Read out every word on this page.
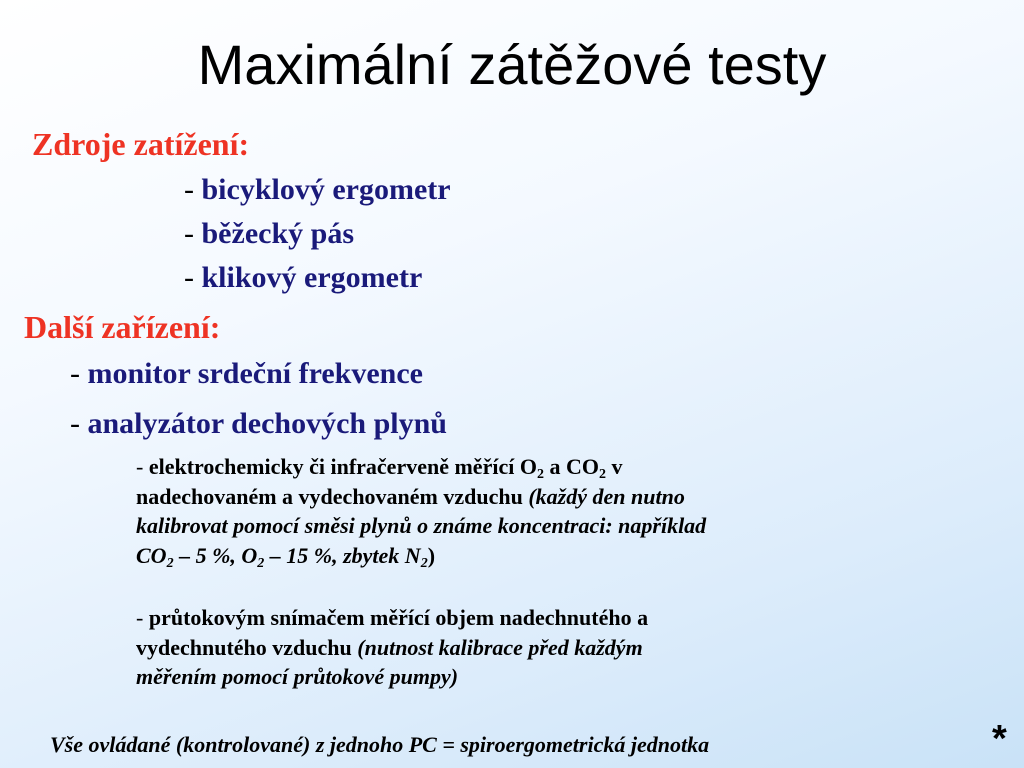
Maximální zátěžové testy
Zdroje zatížení:
- bicyklový ergometr
- běžecký pás
- klikový ergometr
Další zařízení:
- monitor srdeční frekvence
- analyzátor dechových plynů
- elektrochemicky či infračerveně měřící $O_2$ a $CO_2$ v
nadechovaném a vydechovaném vzduchu (každý den nutno
kalibrovat pomocí směsi plynů o známe koncentraci: například
$CO_2 - 5$ %, $O_2 - 15$ %, zbytek $N_2$)
- průtokovým snímačem měřící objem nadechnutého a
vydechnutého vzduchu (nutnost kalibrace před každým
měřením pomocí průtokové pumpy)
Vše ovládané (kontrolované) z jednoho PC = spiroergometrická jednotka	*
